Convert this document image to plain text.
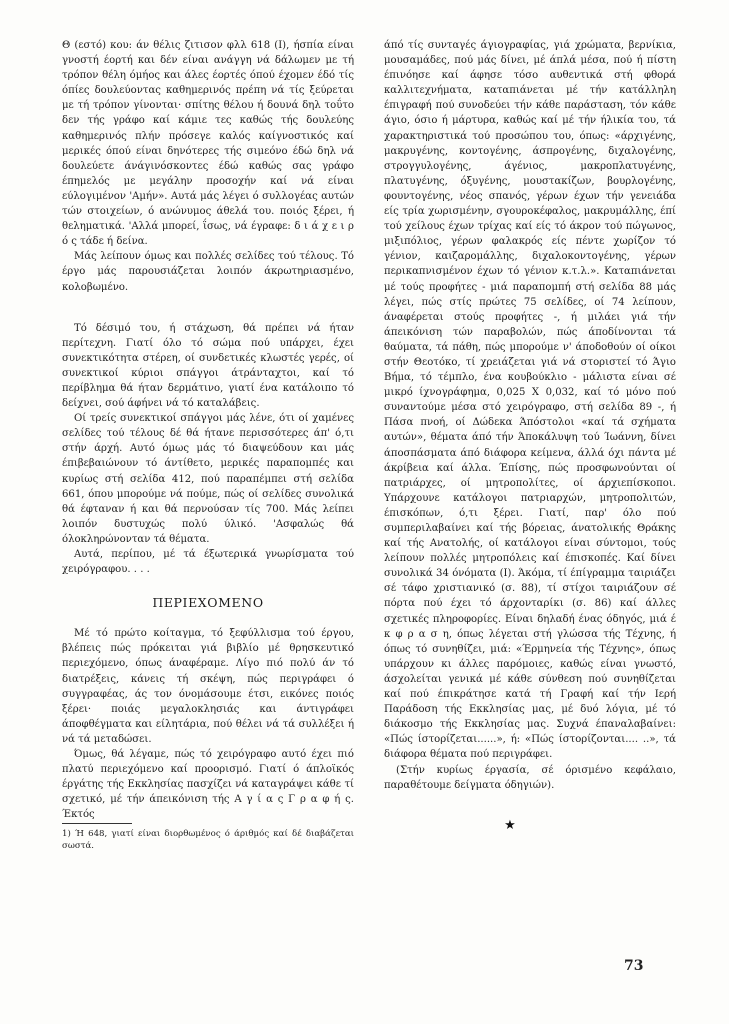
Θ (εστό) κου: άν θέλις ζιτισον φλλ 618 (Ι), ήσπία είναι γνοστή έορτή και δέν είναι ανάγγη νά δάλωμεν με τή τρόπον θέλη όμήος και άλες έορτές όπού έχομεν έδό τίς όπίες δουλεύοντας καθημερινός πρέπη νά τίς ξεύρεται με τή τρόπον γίνονται· σπίτης θέλου ή δουνά δηλ τοΰτο δεν τής γράφο καί κάμιε τες καθώς τής δουλεύης καθημερινός πλήν πρόσεγε καλός καίγνοστικός καί μερικές όπού είναι δηνότερες τής σιμεόνο έδώ δηλ νά δουλεύετε άνάγινόσκοντες έδώ καθώς σας γράφο έπημελός με μεγάλην προσοχήν καί νά είναι εύλογιμένον 'Αμήν». Αυτά μάς λέγει ό συλλογέας αυτών τών στοιχείων, ό ανώνυμος άθελά του. ποιός ξέρει, ή θεληματικά. 'Αλλά μπορεί, ΐσως, νά έγραφε: δ ι ά χ ε ι ρ ό ς τάδε ή δείνα.

Μάς λείπουν όμως και πολλές σελίδες τού τέλους. Τό έργο μάς παρουσιάζεται λοιπόν άκρωτηριασμένο, κολοβωμένο.

Τό δέσιμό του, ή στάχωση, θά πρέπει νά ήταν περίτεχνη. Γιατί όλο τό σώμα πού υπάρχει, έχει συνεκτικότητα στέρεη, οί συνδετικές κλωστές γερές, οί συνεκτικοί κύριοι σπάγγοι άτράνταχτοι, καί τό περίβλημα θά ήταν δερμάτινο, γιατί ένα κατάλοιπο τό δείχνει, σού άφήνει νά τό καταλάβεις.

Οί τρείς συνεκτικοί σπάγγοι μάς λένε, ότι οί χαμένες σελίδες τού τέλους δέ θά ήτανε περισσότερες άπ' ό,τι στήν άρχή. Αυτό όμως μάς τό διαψεύδουν και μάς έπιβεβαιώνουν τό άντίθετο, μερικές παραπομπές και κυρίως στή σελίδα 412, πού παραπέμπει στή σελίδα 661, όπου μπορούμε νά πούμε, πώς οί σελίδες συνολικά θά έφταναν ή και θά περνούσαν τίς 700. Μάς λείπει λοιπόν δυστυχώς πολύ ύλικό. 'Ασφαλώς θά όλοκληρώνονταν τά θέματα.

Αυτά, περίπου, μέ τά έξωτερικά γνωρίσματα τού χειρόγραφου. . . .

ΠΕΡΙΕΧΟΜΕΝΟ

Μέ τό πρώτο κοίταγμα, τό ξεφύλλισμα τού έργου, βλέπεις πώς πρόκειται γιά βιβλίο μέ θρησκευτικό περιεχόμενο, όπως άναφέραμε. Λίγο πιό πολύ άν τό διατρέξεις, κάνεις τή σκέψη, πώς περιγράφει ό συγγραφέας, άς τον όνομάσουμε έτσι, εικόνες ποιός ξέρει· ποιάς μεγαλοκλησιάς και άντιγράφει άποφθέγματα και είλητάρια, πού θέλει νά τά συλλέξει ή νά τά μεταδώσει.

Όμως, θά λέγαμε, πώς τό χειρόγραφο αυτό έχει πιό πλατύ περιεχόμενο καί προορισμό. Γιατί ό άπλοϊκός έργάτης τής Εκκλησίας πασχίζει νά καταγράψει κάθε τί σχετικό, μέ τήν άπεικόνιση τής Α γ ί α ς Γ ρ α φ ή ς. Έκτός

1) Ή 648, γιατί είναι διορθωμένος ό άριθμός καί δέ διαβάζεται σωστά.

άπό τίς συνταγές άγιογραφίας, γιά χρώματα, βερνίκια, μουσαμάδες, πού μάς δίνει, μέ άπλά μέσα, πού ή πίστη έπινόησε καί άφησε τόσο αυθεντικά στή φθορά καλλιτεχνήματα, καταπιάνεται μέ τήν κατάλληλη έπιγραφή πού συνοδεύει τήν κάθε παράσταση, τόν κάθε άγιο, όσιο ή μάρτυρα, καθώς καί μέ τήν ήλικία του, τά χαρακτηριστικά τού προσώπου του, όπως: «άρχιγένης, μακρυγένης, κοντογένης, άσπρογένης, διχαλογένης, στρογγυλογένης, άγένιος, μακροπλατυγένης, πλατυγένης, όξυγένης, μουστακίζων, βουρλογένης, φουντογένης, νέος σπανός, γέρων έχων τήν γενειάδα είς τρία χωρισμένην, σγουροκέφαλος, μακρυμάλλης, έπί τού χείλους έχων τρίχας καί είς τό άκρον τού πώγωνος, μιξιπόλιος, γέρων φαλακρός είς πέντε χωρίζον τό γένιον, καιζαρομάλλης, διχαλοκοντογένης, γέρων περικαπνισμένον έχων τό γένιον κ.τ.λ.». Καταπιάνεται μέ τούς προφήτες - μιά παραπομπή στή σελίδα 88 μάς λέγει, πώς στίς πρώτες 75 σελίδες, οί 74 λείπουν, άναφέρεται στούς προφήτες -, ή μιλάει γιά τήν άπεικόνιση τών παραβολών, πώς άποδίνονται τά θαύματα, τά πάθη, πώς μπορούμε ν' άποδοθούν οί οίκοι στήν Θεοτόκο, τί χρειάζεται γιά νά στοριστεί τό Άγιο Βήμα, τό τέμπλο, ένα κουβούκλιο - μάλιστα είναι σέ μικρό ίχνογράφημα, 0,025 Χ 0,032, καί τό μόνο πού συναντούμε μέσα στό χειρόγραφο, στή σελίδα 89 -, ή Πάσα πνοή, οί Δώδεκα Άπόστολοι «καί τά σχήματα αυτών», θέματα άπό τήν Άποκάλυψη τού Ίωάννη, δίνει άποσπάσματα άπό διάφορα κείμενα, άλλά όχι πάντα μέ άκρίβεια καί άλλα. Έπίσης, πώς προσφωνούνται οί πατριάρχες, οί μητροπολίτες, οί άρχιεπίσκοποι. Υπάρχουνε κατάλογοι πατριαρχών, μητροπολιτών, έπισκόπων, ό,τι ξέρει. Γιατί, παρ' όλο πού συμπεριλαβαίνει καί τής βόρειας, άνατολικής Θράκης καί τής Ανατολής, οί κατάλογοι είναι σύντομοι, τούς λείπουν πολλές μητροπόλεις καί έπισκοπές. Καί δίνει συνολικά 34 όνόματα (Ι). Άκόμα, τί έπίγραμμα ταιριάζει σέ τάφο χριστιανικό (σ. 88), τί στίχοι ταιριάζουν σέ πόρτα πού έχει τό άρχονταρίκι (σ. 86) καί άλλες σχετικές πληροφορίες. Είναι δηλαδή ένας όδηγός, μιά έ κ φ ρ α σ η, όπως λέγεται στή γλώσσα τής Τέχνης, ή όπως τό συνηθίζει, μιά: «Έρμηνεία τής Τέχνης», όπως υπάρχουν κι άλλες παρόμοιες, καθώς είναι γνωστό, άσχολείται γενικά μέ κάθε σύνθεση πού συνηθίζεται καί πού έπικράτησε κατά τή Γραφή καί τήν Ιερή Παράδοση τής Εκκλησίας μας, μέ δυό λόγια, μέ τό διάκοσμο τής Εκκλησίας μας. Συχνά έπαναλαβαίνει: «Πώς ίστορίζεται......», ή: «Πώς ίστορίζονται.... ..», τά διάφορα θέματα πού περιγράφει.

(Στήν κυρίως έργασία, σέ όρισμένο κεφάλαιο, παραθέτουμε δείγματα όδηγιών).

★
73
